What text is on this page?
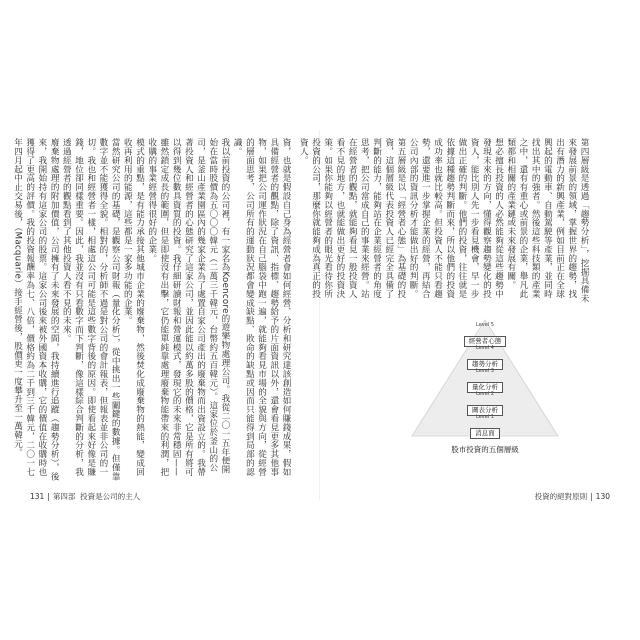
資，也就是假設自己身為經營者會如何經營、分析和研究達該創造如何賺錢成果，假如具備經營者的觀點，除了資訊、指標、趨勢給予的片面資訊以外，還會看見更多其他事物，如果把公司運作狀況在自己腦袋中跑一遍，就能夠看見市場的全貌與方向，從經營的層面思考，公司所有的運動狀況都會變成缺點、敗命的缺點或因而只能得到局部的認識。

我以前投資的公司裡，有一家名為Koencore的遊樂物處理公司。我從二〇一五年便開始在當時股價為五〇〇〇韓元（二萬三千韓元，台幣約五百韓元）。這家位於釜山的公司，是釜山產業園區內的幾家企業為了處置自家公司產出的廢棄物而出資設立的。我帶著投資人和經營者的心態研究了這家公司，並因此能以約萬多股的價格，它是所有將可以得到幾位數具資質的投資。我仔細研讀財報和營運模式，發現它的未來非常穩固——雖然鎖定成長的範圍，但是即使沒有出擊，它仍能單純靠處理廢棄物能帶來的利潤，把收購的事業經營得很好的企業。

模式的重點，是有能力承接其他城市企業的廢棄物，然後焚化成廢棄物的熱能，變成回收再利用的能源，這些都是一家多功能的企業。

當然研究公司的基礎，是觀察公司財報（量化分析），從中挑出一些關鍵的數據。但僅靠數字並不能獲得全貌。相對的，分析師不過是對公司的會計報表，但報表並非公司的一切。我也和經營者一樣，相處這公司可能是這些數字背後的原因。即使看起來好像是賺錢，地位卻同樣重要。因此，我並沒有只看數字而下判斷，像這樣綜合判斷的分析，我透過經營者的觀點看到了其他投資人看不見的未來。

廢棄物處理的附加價值，公司擁有了未來發展的空間，我持續進行追蹤（趨勢分析），後來，我開始持有這家公司的股票。這家公司後來被外國資本收購，它的價值在收購時也獲得了更高的評價。我的投資報酬率為七、八倍，價格約為二千到三千韓元，二〇一七年四月起中止交易後，（Macquarie）接手經營後，股價更一度攀升至一萬韓元。

131 | 第四部 投資是公司的主人

第四層級是透過「趨勢分析」，挖掘具備未來發展前景的領域，掌握世界的趨勢，找出有潛力的新興產業，例如目前正在全球興起的電動車、自動駕駛等產業，並同時找出其中的強者。然後這些科技類的產業之中，還有有重心或前景的企業，舉凡此類都和相關的產業鏈或未來發展有關。

想必擅長投資的人必然能夠從這些趨勢中發現未來的方向，懂得觀察趨勢變化的投資人，能比別人先一步看見機會，早一步做出正確的判斷。他們的投資，往往就是依據這種趨勢判斷而來，所以他們的投資成功率也就比較高。但投資人不能只看趨勢，還要進一步掌握企業的經營，再結合公司內部的資訊分析才能做出好的判斷。

第五層級是以「經營者心態」為基礎的投資，這個層級代表投資人已經完全具備了判斷的能力，能夠站在企業經營者的角度思考，把公司當成自己的事業來經營。站在經營者的觀點，就能夠看見一般投資人看不見的地方，也就能做出更好的投資決策。如果你能夠以經營者的眼光看待你所投資的公司，那麼你就能夠成為真正的投資人。

Level 5
經營者心態
Level 4
趨勢分析
Level 3
量化分析
Level 2
圖表分析
Level 1
消息面
股市投資的五個層級
投資的絕對原則 | 130
